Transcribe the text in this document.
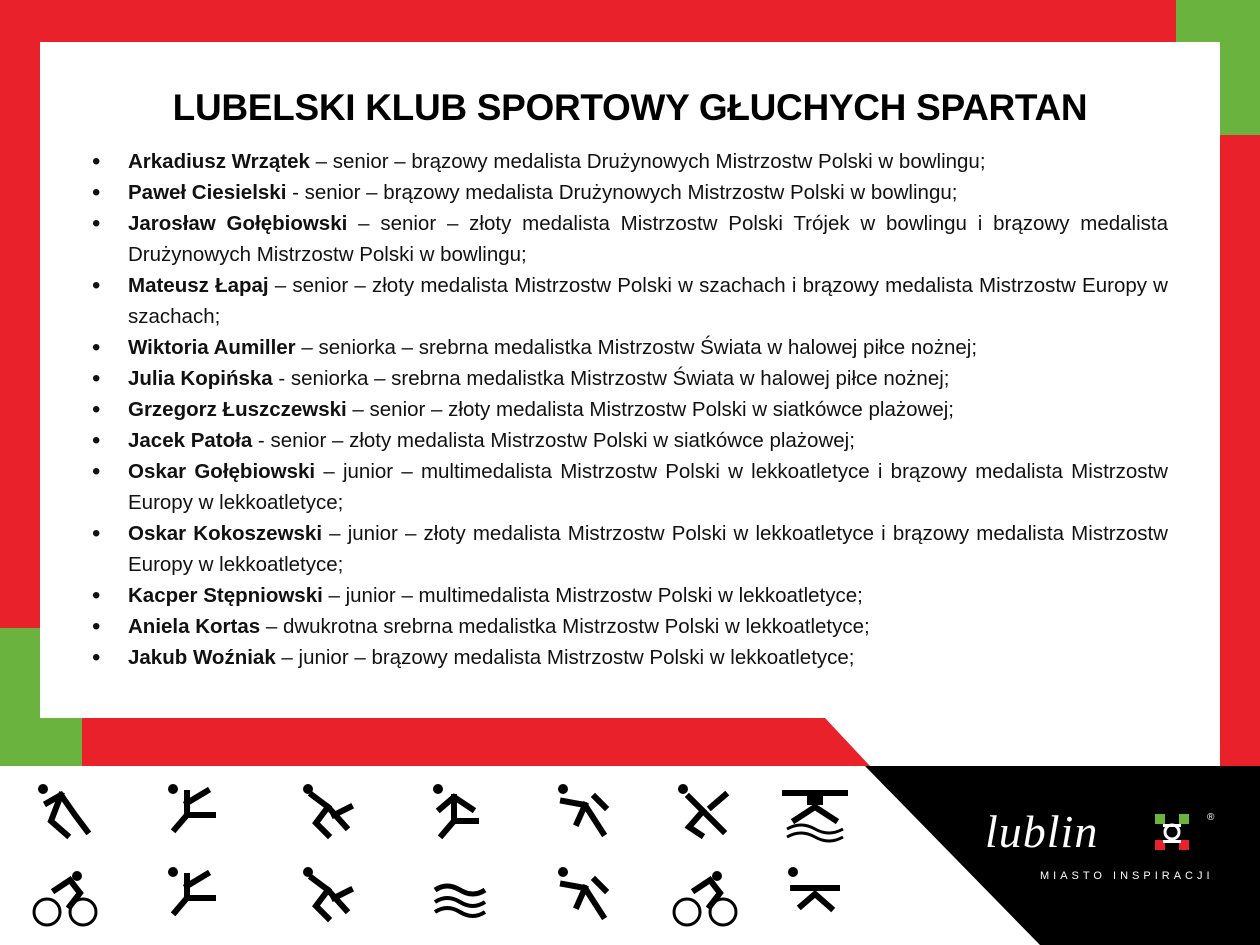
LUBELSKI KLUB SPORTOWY GŁUCHYCH SPARTAN
• Arkadiusz Wrzątek – senior – brązowy medalista Drużynowych Mistrzostw Polski w bowlingu;
• Paweł Ciesielski - senior – brązowy medalista Drużynowych Mistrzostw Polski w bowlingu;
• Jarosław Gołębiowski – senior – złoty medalista Mistrzostw Polski Trójek w bowlingu i brązowy medalista Drużynowych Mistrzostw Polski w bowlingu;
• Mateusz Łapaj – senior – złoty medalista Mistrzostw Polski w szachach i brązowy medalista Mistrzostw Europy w szachach;
• Wiktoria Aumiller – seniorka – srebrna medalistka Mistrzostw Świata w halowej piłce nożnej;
• Julia Kopińska - seniorka – srebrna medalistka Mistrzostw Świata w halowej piłce nożnej;
• Grzegorz Łuszczewski – senior – złoty medalista Mistrzostw Polski w siatkówce plażowej;
• Jacek Patoła - senior – złoty medalista Mistrzostw Polski w siatkówce plażowej;
• Oskar Gołębiowski – junior – multimedalista Mistrzostw Polski w lekkoatletyce i brązowy medalista Mistrzostw Europy w lekkoatletyce;
• Oskar Kokoszewski – junior – złoty medalista Mistrzostw Polski w lekkoatletyce i brązowy medalista Mistrzostw Europy w lekkoatletyce;
• Kacper Stępniowski – junior – multimedalista Mistrzostw Polski w lekkoatletyce;
• Aniela Kortas – dwukrotna srebrna medalistka Mistrzostw Polski w lekkoatletyce;
• Jakub Woźniak – junior – brązowy medalista Mistrzostw Polski w lekkoatletyce;
lublin
MIASTO INSPIRACJI
®
